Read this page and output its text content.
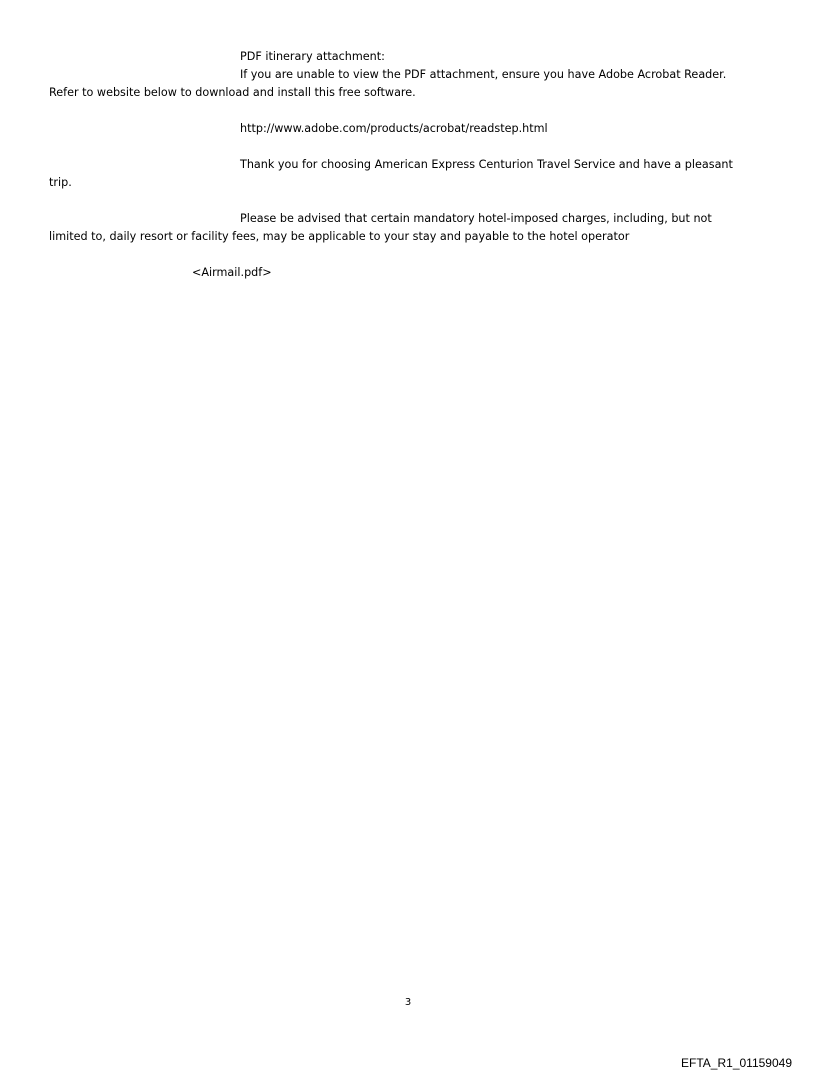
PDF itinerary attachment:
If you are unable to view the PDF attachment, ensure you have Adobe Acrobat Reader.
Refer to website below to download and install this free software.
http://www.adobe.com/products/acrobat/readstep.html
Thank you for choosing American Express Centurion Travel Service and have a pleasant
trip.
Please be advised that certain mandatory hotel-imposed charges, including, but not
limited to, daily resort or facility fees, may be applicable to your stay and payable to the hotel operator
<Airmail.pdf>
3
EFTA_R1_01159049
